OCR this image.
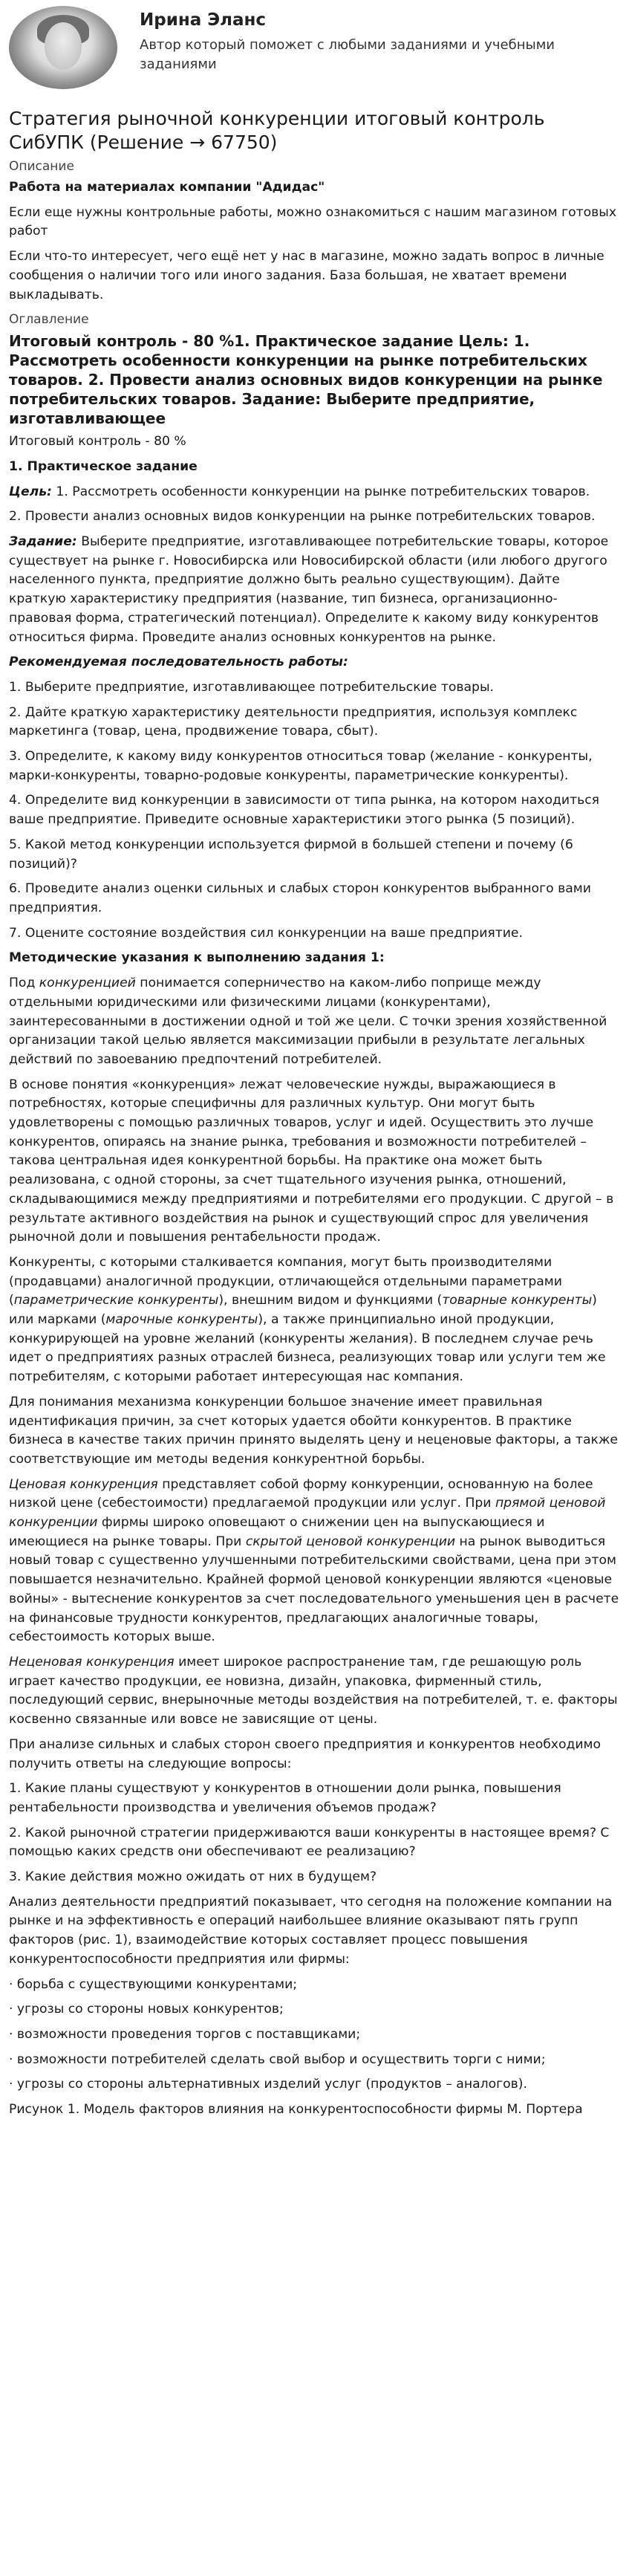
Ирина Эланс
Автор который поможет с любыми заданиями и учебными заданиями
Стратегия рыночной конкуренции итоговый контроль СибУПК (Решение → 67750)
Описание

Работа на материалах компании "Адидас"

Если еще нужны контрольные работы, можно ознакомиться с нашим магазином готовых работ

Если что-то интересует, чего ещё нет у нас в магазине, можно задать вопрос в личные сообщения о наличии того или иного задания. База большая, не хватает времени выкладывать.

Оглавление
Итоговый контроль - 80 %1. Практическое задание Цель: 1. Рассмотреть особенности конкуренции на рынке потребительских товаров. 2. Провести анализ основных видов конкуренции на рынке потребительских товаров. Задание: Выберите предприятие, изготавливающее

Итоговый контроль - 80 %

1. Практическое задание

Цель: 1. Рассмотреть особенности конкуренции на рынке потребительских товаров.

2. Провести анализ основных видов конкуренции на рынке потребительских товаров.

Задание: Выберите предприятие, изготавливающее потребительские товары, которое существует на рынке г. Новосибирска или Новосибирской области (или любого другого населенного пункта, предприятие должно быть реально существующим). Дайте краткую характеристику предприятия (название, тип бизнеса, организационно-правовая форма, стратегический потенциал). Определите к какому виду конкурентов относиться фирма. Проведите анализ основных конкурентов на рынке.

Рекомендуемая последовательность работы:

1. Выберите предприятие, изготавливающее потребительские товары.

2. Дайте краткую характеристику деятельности предприятия, используя комплекс маркетинга (товар, цена, продвижение товара, сбыт).

3. Определите, к какому виду конкурентов относиться товар (желание - конкуренты, марки-конкуренты, товарно-родовые конкуренты, параметрические конкуренты).

4. Определите вид конкуренции в зависимости от типа рынка, на котором находиться ваше предприятие. Приведите основные характеристики этого рынка (5 позиций).

5. Какой метод конкуренции используется фирмой в большей степени и почему (6 позиций)?

6. Проведите анализ оценки сильных и слабых сторон конкурентов выбранного вами предприятия.

7. Оцените состояние воздействия сил конкуренции на ваше предприятие.

Методические указания к выполнению задания 1:

Под конкуренцией понимается соперничество на каком-либо поприще между отдельными юридическими или физическими лицами (конкурентами), заинтересованными в достижении одной и той же цели. С точки зрения хозяйственной организации такой целью является максимизации прибыли в результате легальных действий по завоеванию предпочтений потребителей.

В основе понятия «конкуренция» лежат человеческие нужды, выражающиеся в потребностях, которые специфичны для различных культур. Они могут быть удовлетворены с помощью различных товаров, услуг и идей. Осуществить это лучше конкурентов, опираясь на знание рынка, требования и возможности потребителей – такова центральная идея конкурентной борьбы. На практике она может быть реализована, с одной стороны, за счет тщательного изучения рынка, отношений, складывающимися между предприятиями и потребителями его продукции. С другой – в результате активного воздействия на рынок и существующий спрос для увеличения рыночной доли и повышения рентабельности продаж.

Конкуренты, с которыми сталкивается компания, могут быть производителями (продавцами) аналогичной продукции, отличающейся отдельными параметрами (параметрические конкуренты), внешним видом и функциями (товарные конкуренты) или марками (марочные конкуренты), а также принципиально иной продукции, конкурирующей на уровне желаний (конкуренты желания). В последнем случае речь идет о предприятиях разных отраслей бизнеса, реализующих товар или услуги тем же потребителям, с которыми работает интересующая нас компания.

Для понимания механизма конкуренции большое значение имеет правильная идентификация причин, за счет которых удается обойти конкурентов. В практике бизнеса в качестве таких причин принято выделять цену и неценовые факторы, а также соответствующие им методы ведения конкурентной борьбы.

Ценовая конкуренция представляет собой форму конкуренции, основанную на более низкой цене (себестоимости) предлагаемой продукции или услуг. При прямой ценовой конкуренции фирмы широко оповещают о снижении цен на выпускающиеся и имеющиеся на рынке товары. При скрытой ценовой конкуренции на рынок выводиться новый товар с существенно улучшенными потребительскими свойствами, цена при этом повышается незначительно. Крайней формой ценовой конкуренции являются «ценовые войны» - вытеснение конкурентов за счет последовательного уменьшения цен в расчете на финансовые трудности конкурентов, предлагающих аналогичные товары, себестоимость которых выше.

Неценовая конкуренция имеет широкое распространение там, где решающую роль играет качество продукции, ее новизна, дизайн, упаковка, фирменный стиль, последующий сервис, внерыночные методы воздействия на потребителей, т. е. факторы косвенно связанные или вовсе не зависящие от цены.

При анализе сильных и слабых сторон своего предприятия и конкурентов необходимо получить ответы на следующие вопросы:

1. Какие планы существуют у конкурентов в отношении доли рынка, повышения рентабельности производства и увеличения объемов продаж?

2. Какой рыночной стратегии придерживаются ваши конкуренты в настоящее время? С помощью каких средств они обеспечивают ее реализацию?

3. Какие действия можно ожидать от них в будущем?

Анализ деятельности предприятий показывает, что сегодня на положение компании на рынке и на эффективность е операций наибольшее влияние оказывают пять групп факторов (рис. 1), взаимодействие которых составляет процесс повышения конкурентоспособности предприятия или фирмы:

· борьба с существующими конкурентами;

· угрозы со стороны новых конкурентов;

· возможности проведения торгов с поставщиками;

· возможности потребителей сделать свой выбор и осуществить торги с ними;

· угрозы со стороны альтернативных изделий услуг (продуктов – аналогов).

Рисунок 1. Модель факторов влияния на конкурентоспособности фирмы М. Портера
